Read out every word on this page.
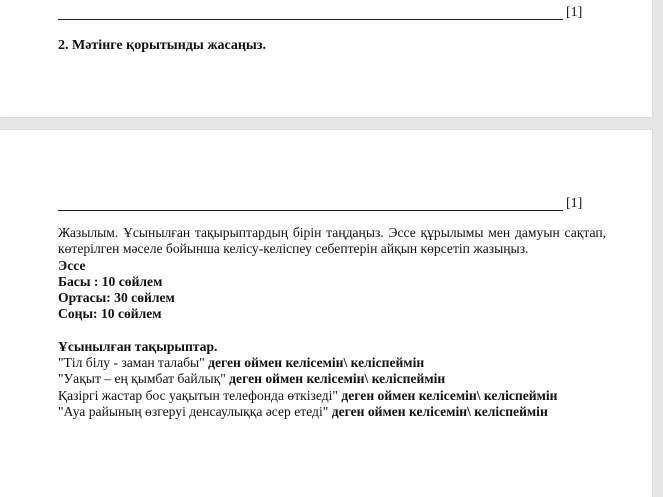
[1]
2. Мәтінге қорытынды жасаңыз.
[1]

Жазылым. Ұсынылған тақырыптардың бірін таңдаңыз. Эссе құрылымы мен дамуын сақтап, көтерілген мәселе бойынша келісу-келіспеу себептерін айқын көрсетіп жазыңыз.

Эссе

Басы : 10 сөйлем

Ортасы: 30 сөйлем

Соңы: 10 сөйлем

Ұсынылған тақырыптар.

"Тіл білу - заман талабы" деген оймен келісемін\ келіспеймін

"Уақыт – ең қымбат байлық" деген оймен келісемін\ келіспеймін

Қазіргі жастар бос уақытын телефонда өткізеді" деген оймен келісемін\ келіспеймін

"Ауа райының өзгеруі денсаулыққа әсер етеді" деген оймен келісемін\ келіспеймін
